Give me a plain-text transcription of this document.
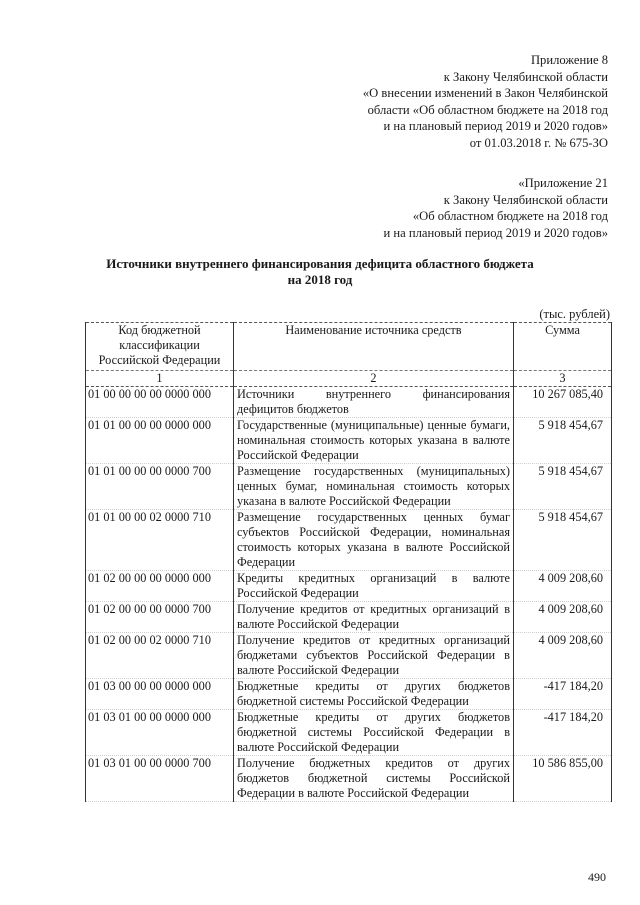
Приложение 8
к Закону Челябинской области
«О внесении изменений в Закон Челябинской
области «Об областном бюджете на 2018 год
и на плановый период 2019 и 2020 годов»
от 01.03.2018 г. № 675-ЗО
«Приложение 21
к Закону Челябинской области
«Об областном бюджете на 2018 год
и на плановый период 2019 и 2020 годов»
Источники внутреннего финансирования дефицита областного бюджета
на 2018 год
(тыс. рублей)
Код бюджетной
классификации
Российской Федерации	Наименование источника средств	Сумма
1	2	3
01 00 00 00 00 0000 000	Источники внутреннего финансирования дефицитов бюджетов	10 267 085,40
01 01 00 00 00 0000 000	Государственные (муниципальные) ценные бумаги, номинальная стоимость которых указана в валюте Российской Федерации	5 918 454,67
01 01 00 00 00 0000 700	Размещение государственных (муниципальных) ценных бумаг, номинальная стоимость которых указана в валюте Российской Федерации	5 918 454,67
01 01 00 00 02 0000 710	Размещение государственных ценных бумаг субъектов Российской Федерации, номинальная стоимость которых указана в валюте Российской Федерации	5 918 454,67
01 02 00 00 00 0000 000	Кредиты кредитных организаций в валюте Российской Федерации	4 009 208,60
01 02 00 00 00 0000 700	Получение кредитов от кредитных организаций в валюте Российской Федерации	4 009 208,60
01 02 00 00 02 0000 710	Получение кредитов от кредитных организаций бюджетами субъектов Российской Федерации в валюте Российской Федерации	4 009 208,60
01 03 00 00 00 0000 000	Бюджетные кредиты от других бюджетов бюджетной системы Российской Федерации	-417 184,20
01 03 01 00 00 0000 000	Бюджетные кредиты от других бюджетов бюджетной системы Российской Федерации в валюте Российской Федерации	-417 184,20
01 03 01 00 00 0000 700	Получение бюджетных кредитов от других бюджетов бюджетной системы Российской Федерации в валюте Российской Федерации	10 586 855,00
490
